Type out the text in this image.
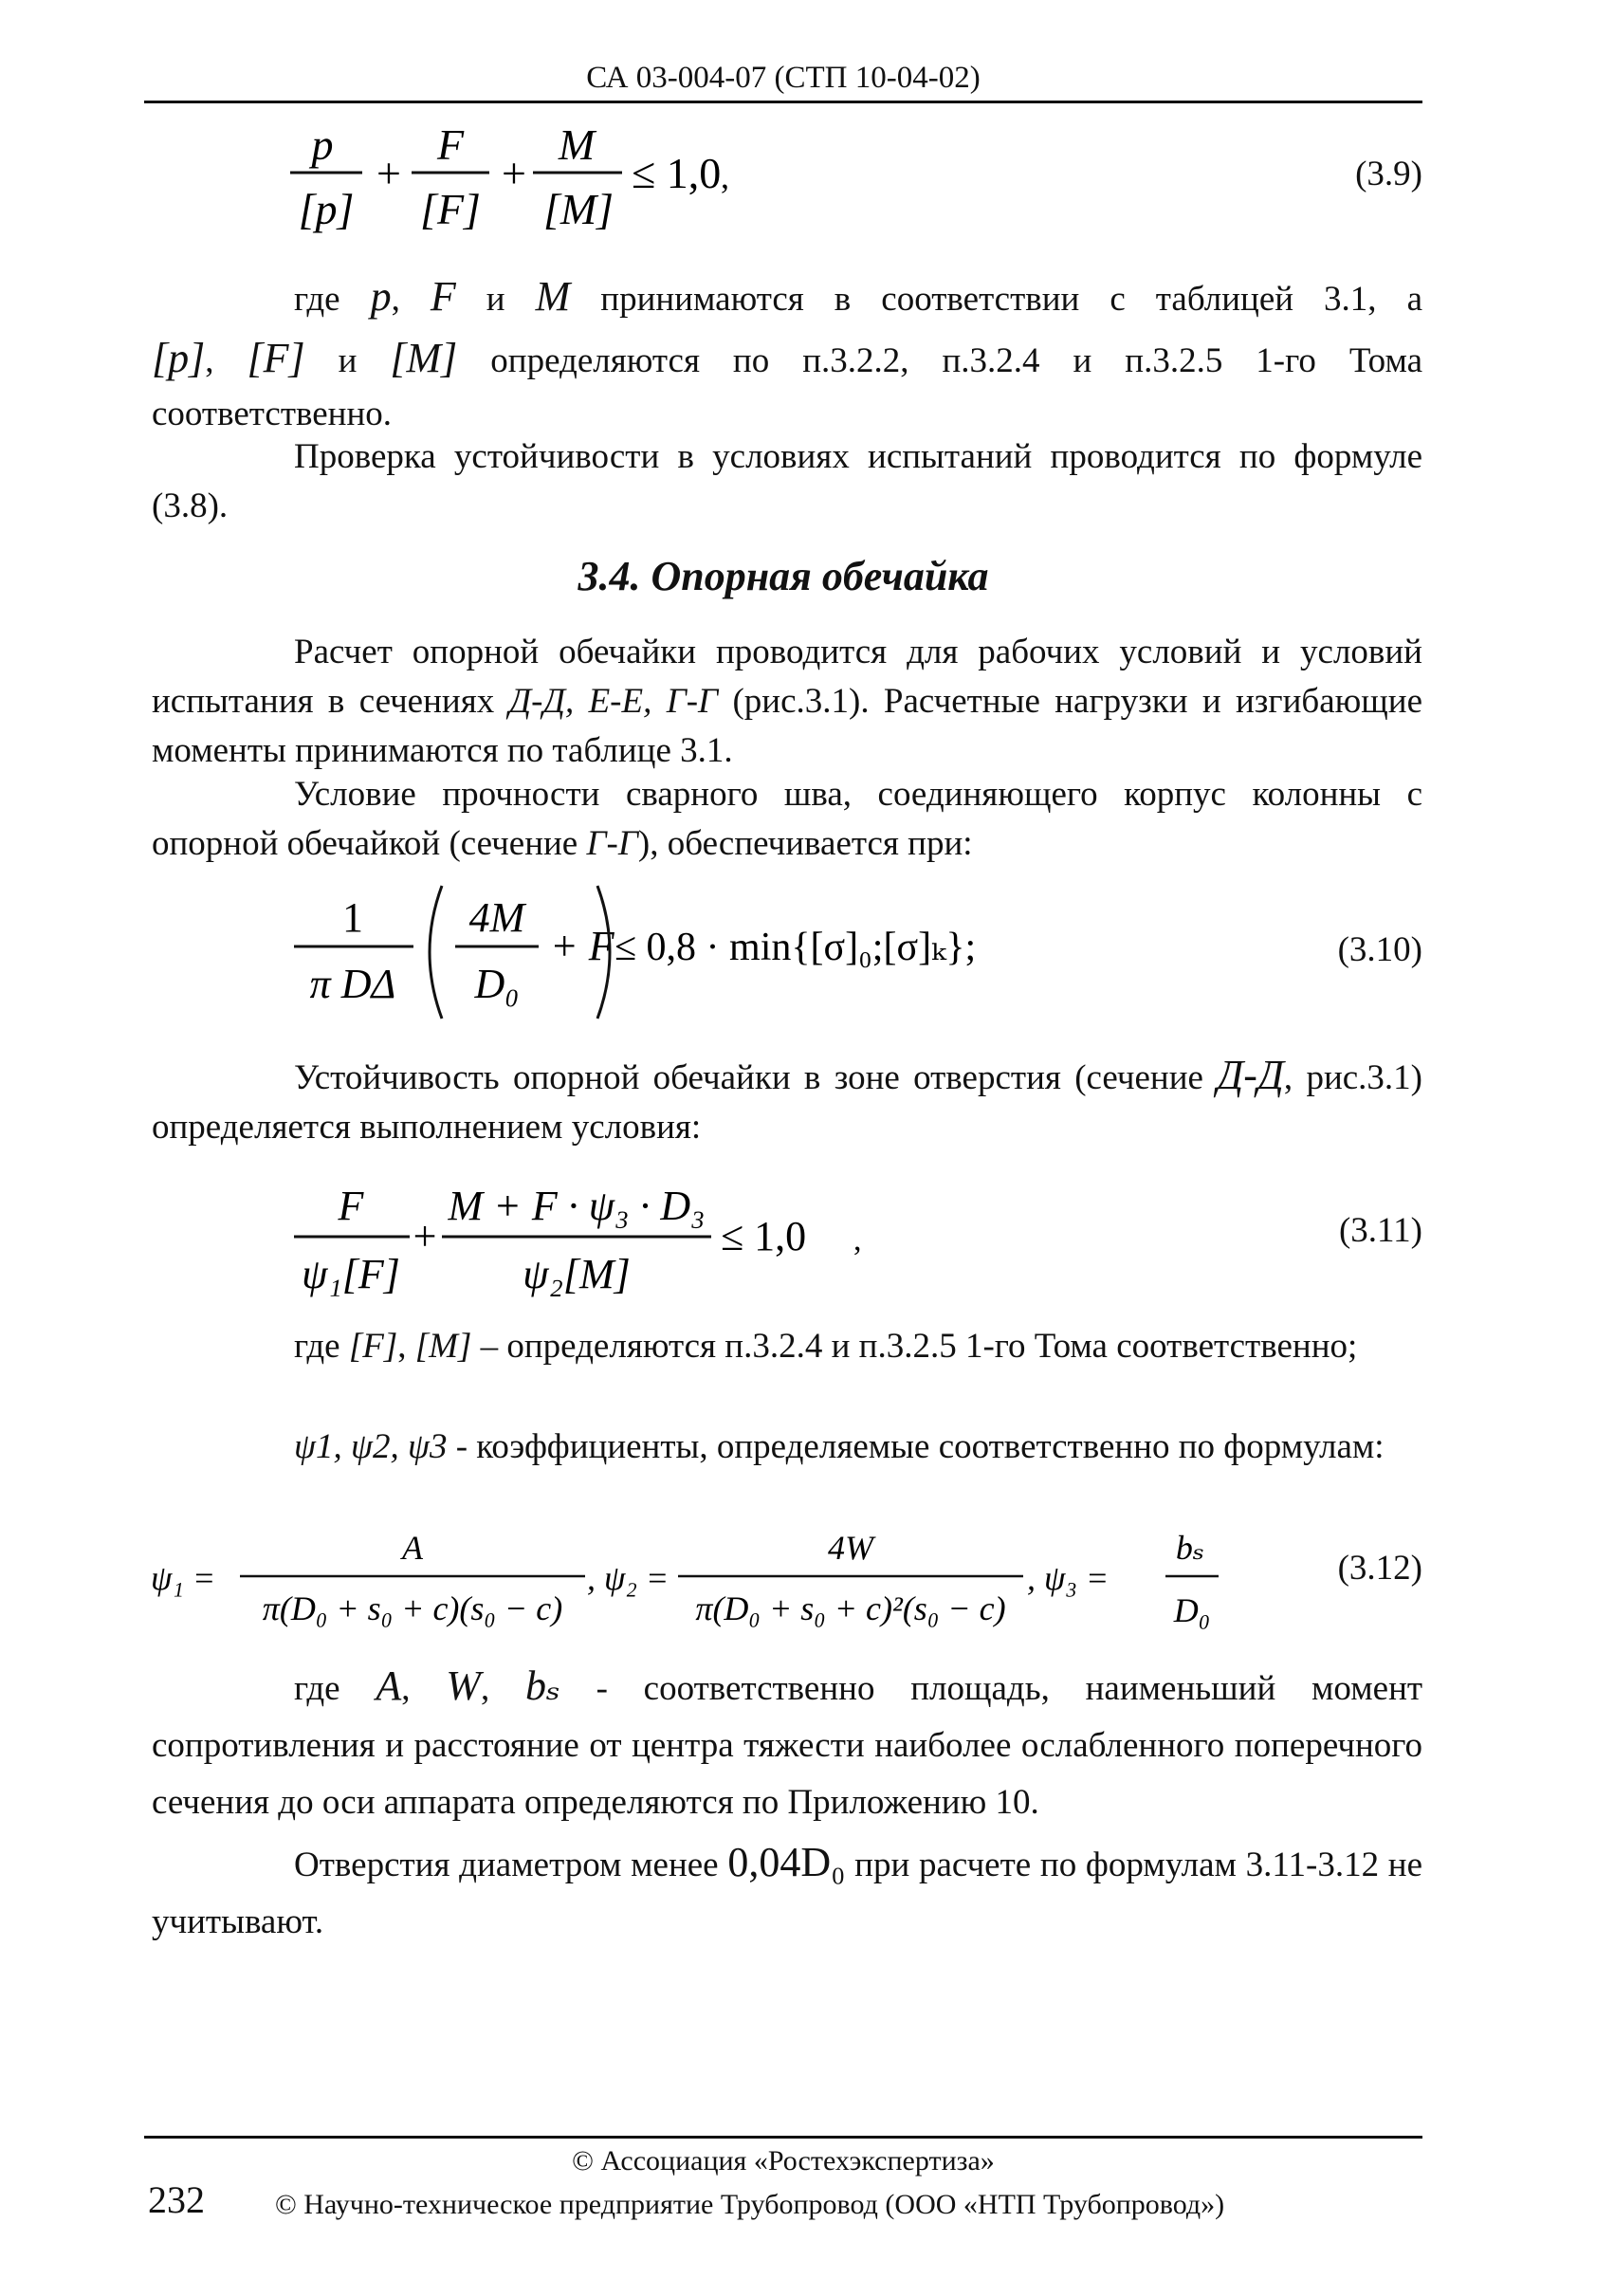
СА 03-004-07 (СТП 10-04-02)
p
[p]
+
F
[F]
+
M
[M]
≤ 1,0 ,	(3.9)
где p, F и M принимаются в соответствии с таблицей 3.1, а
[p], [F] и [M] определяются по п.3.2.2, п.3.2.4 и п.3.2.5 1-го Тома
соответственно.
Проверка устойчивости в условиях испытаний проводится по формуле (3.8).
3.4. Опорная обечайка
Расчет опорной обечайки проводится для рабочих условий и условий испытания в сечениях Д-Д, Е-Е, Г-Г (рис.3.1). Расчетные нагрузки и изгибающие моменты принимаются по таблице 3.1.
Условие прочности сварного шва, соединяющего корпус колонны с опорной обечайкой (сечение Г-Г), обеспечивается при:
1
π DΔ
4M
D₀
+ F ≤ 0,8 · min{[σ]₀;[σ]ₖ};	(3.10)
Устойчивость опорной обечайки в зоне отверстия (сечение Д-Д, рис.3.1) определяется выполнением условия:
F
ψ₁[F]
+
M + F · ψ₃ · D₃
ψ₂[M]
≤ 1,0 ,	(3.11)
где [F], [M] – определяются п.3.2.4 и п.3.2.5 1-го Тома соответственно;
ψ1, ψ2, ψ3 - коэффициенты, определяемые соответственно по формулам:
ψ₁ =
A
π(D₀ + s₀ + c)(s₀ − c)
, ψ₂ =
4W
π(D₀ + s₀ + c)²(s₀ − c)
, ψ₃ =
bₛ
D₀
(3.12)
где A, W, bₛ - соответственно площадь, наименьший момент сопротивления и расстояние от центра тяжести наиболее ослабленного поперечного сечения до оси аппарата определяются по Приложению 10.
Отверстия диаметром менее 0,04D₀ при расчете по формулам 3.11-3.12 не учитывают.
© Ассоциация «Ростехэкспертиза»
232 © Научно-техническое предприятие Трубопровод (ООО «НТП Трубопровод»)
